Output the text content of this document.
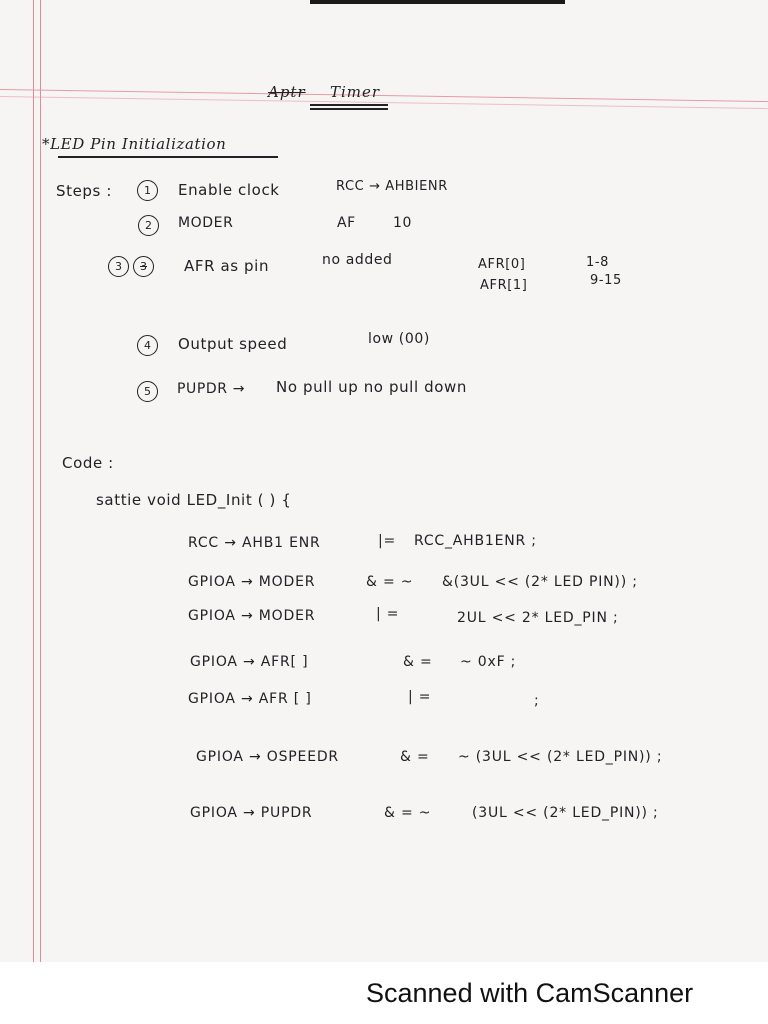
Aptr Timer
*LED Pin Initialization
Steps :	1	Enable clock	RCC → AHBIENR
2	MODER	AF	10
3	3	AFR as pin	no added	AFR[0]	1-8
AFR[1]	9-15
4	Output speed	low (00)
5	PUPDR → No pull up no pull down
Code :
sattie void LED_Init ( ) {
RCC → AHB1 ENR	|= RCC_AHB1ENR ;
GPIOA → MODER	& = ~ &(3UL << (2* LED PIN)) ;
GPIOA → MODER	| =	2UL << 2* LED_PIN ;
GPIOA → AFR[ ]	& = ~ 0xF ;
GPIOA → AFR [ ]	| =	;
GPIOA → OSPEEDR	& = ~ (3UL << (2* LED_PIN)) ;
GPIOA → PUPDR	& = ~	(3UL << (2* LED_PIN)) ;
Scanned with CamScanner
